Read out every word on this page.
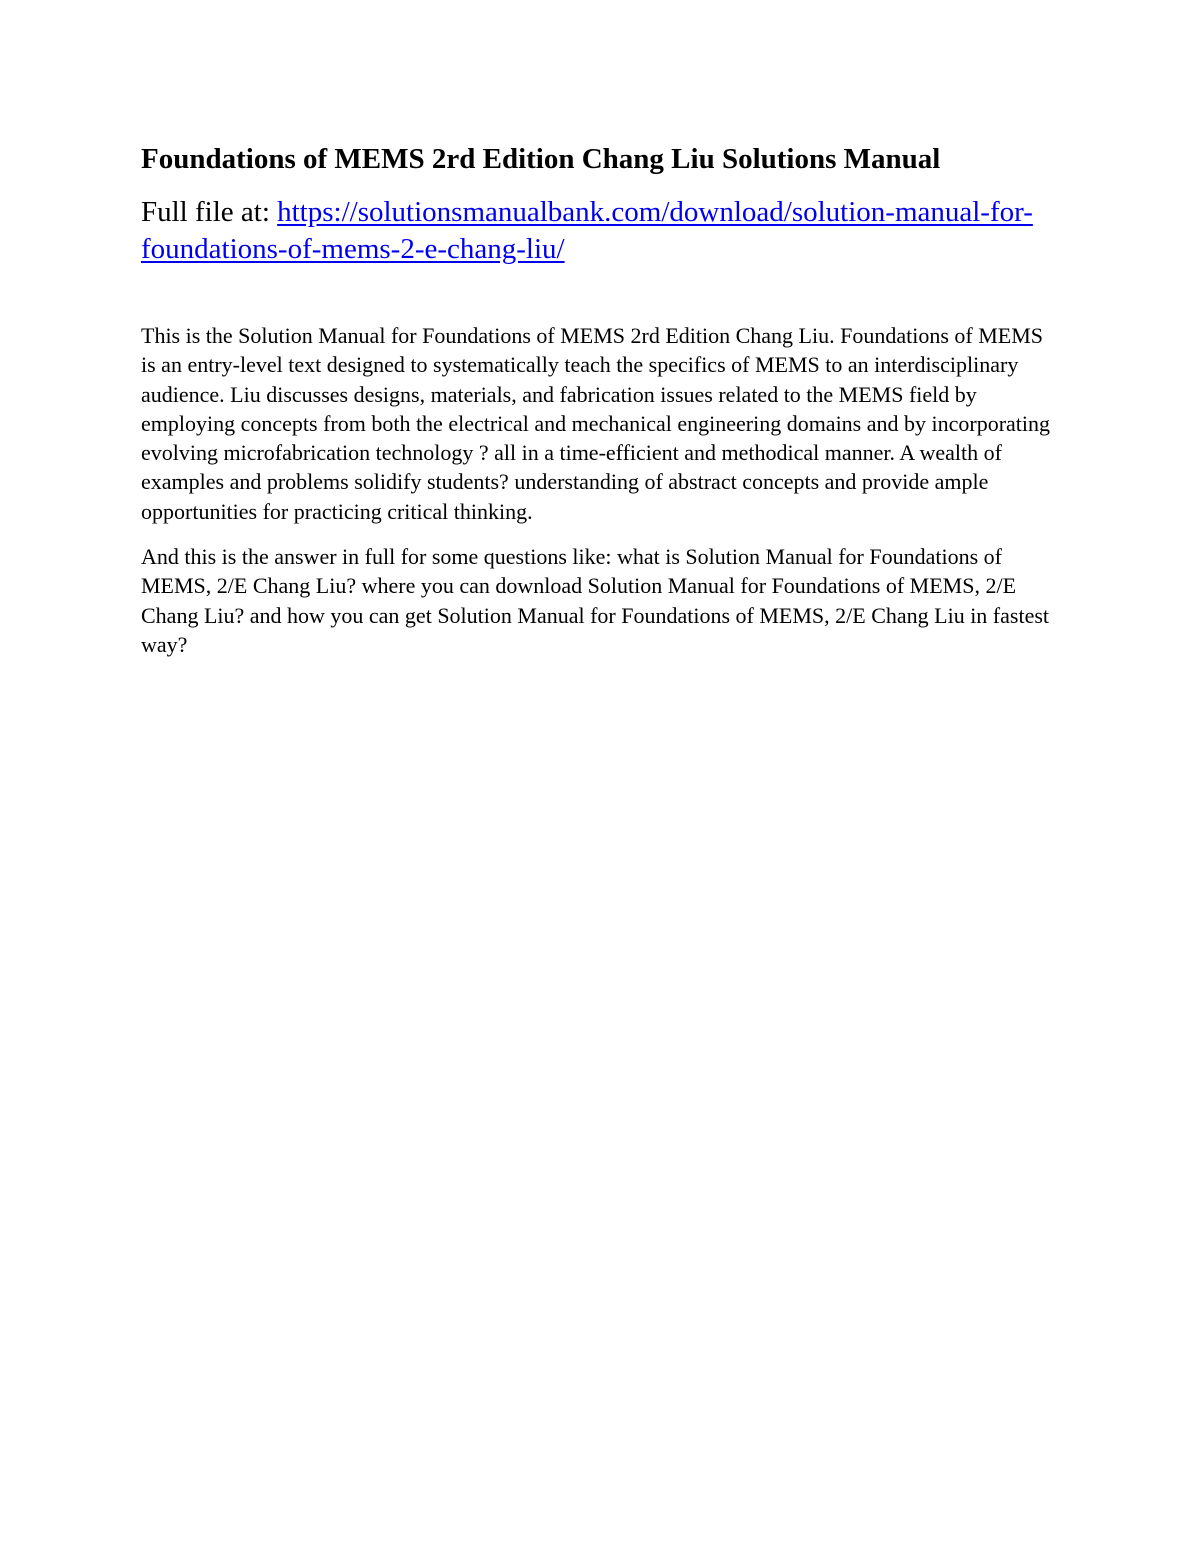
Foundations of MEMS 2rd Edition Chang Liu Solutions Manual

Full file at: https://solutionsmanualbank.com/download/solution-manual-for-foundations-of-mems-2-e-chang-liu/

This is the Solution Manual for Foundations of MEMS 2rd Edition Chang Liu. Foundations of MEMS is an entry-level text designed to systematically teach the specifics of MEMS to an interdisciplinary audience. Liu discusses designs, materials, and fabrication issues related to the MEMS field by employing concepts from both the electrical and mechanical engineering domains and by incorporating evolving microfabrication technology ? all in a time-efficient and methodical manner. A wealth of examples and problems solidify students? understanding of abstract concepts and provide ample opportunities for practicing critical thinking.

And this is the answer in full for some questions like: what is Solution Manual for Foundations of MEMS, 2/E Chang Liu? where you can download Solution Manual for Foundations of MEMS, 2/E Chang Liu? and how you can get Solution Manual for Foundations of MEMS, 2/E Chang Liu in fastest way?
